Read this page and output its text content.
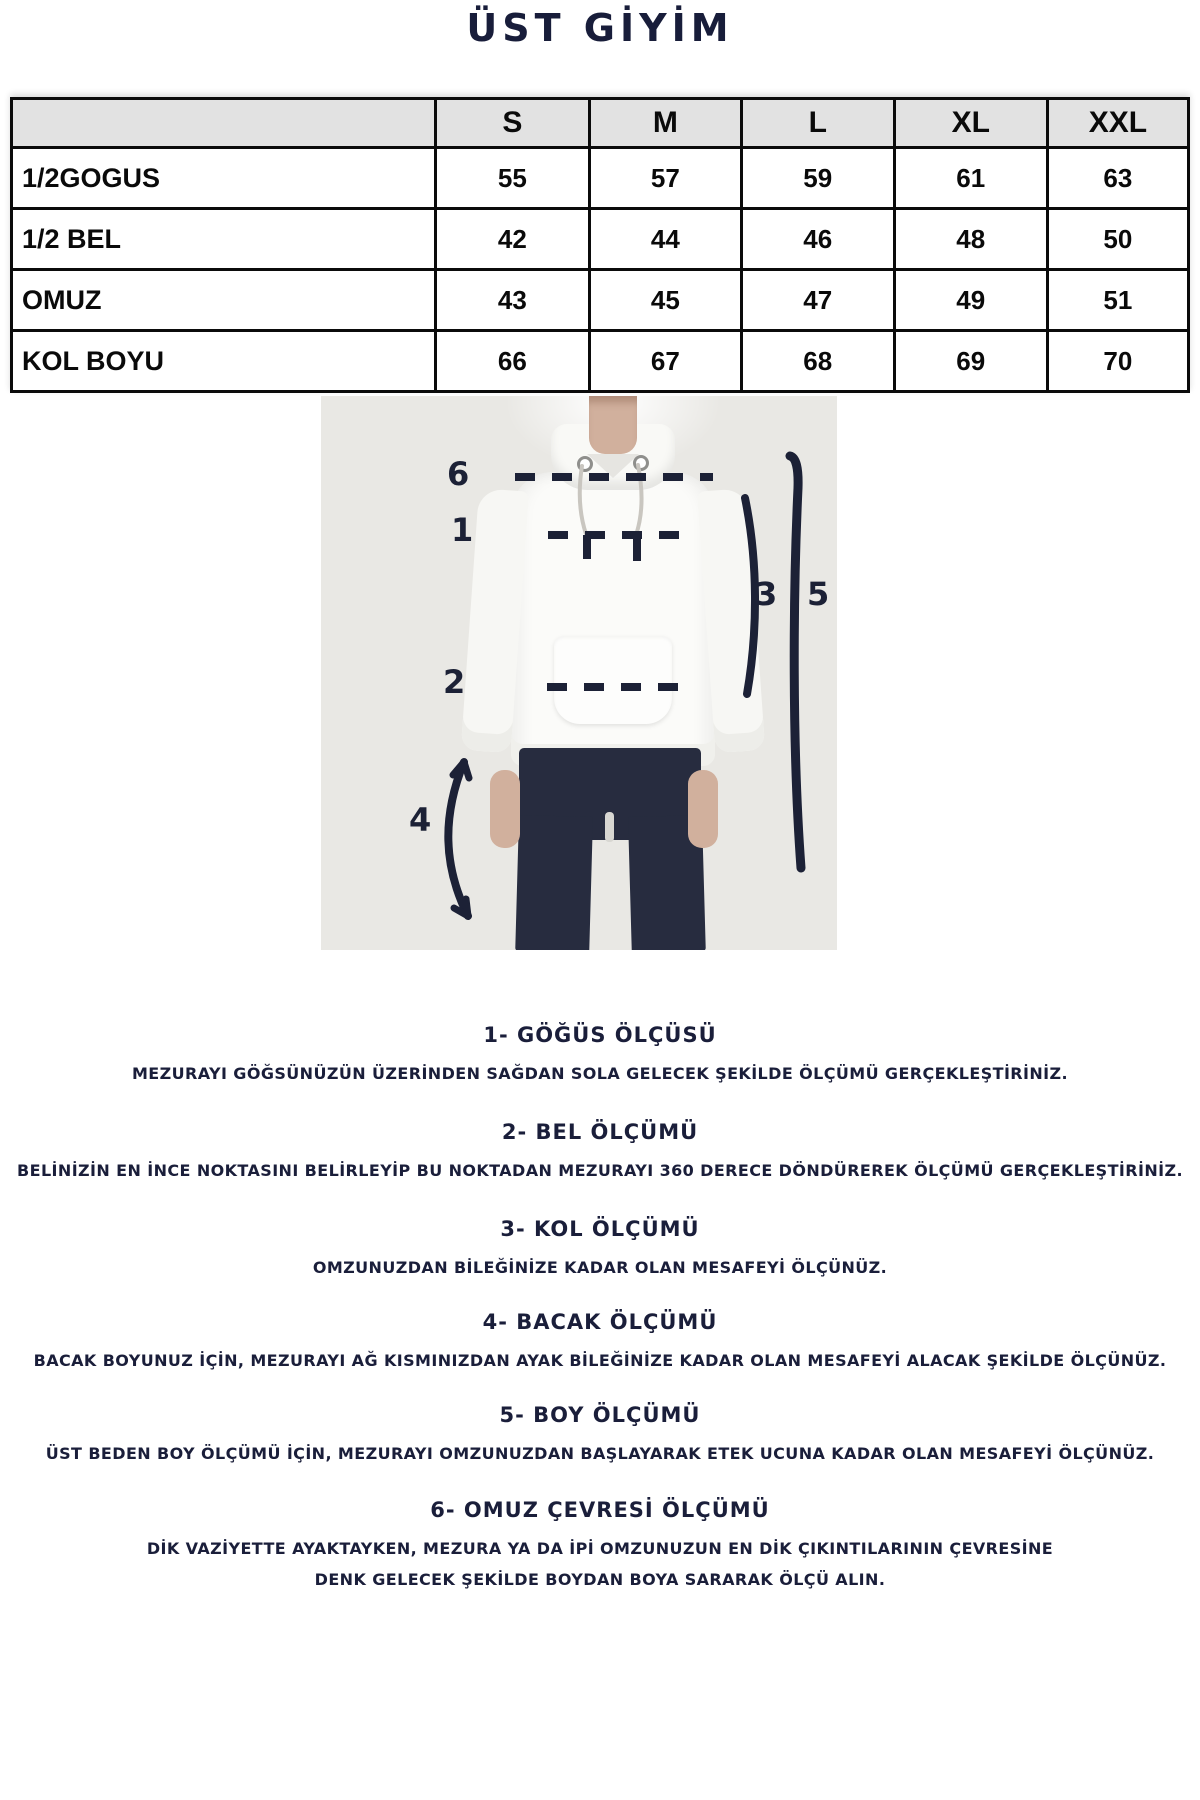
ÜST GİYİM
	S	M	L	XL	XXL
1/2GOGUS	55	57	59	61	63
1/2 BEL	42	44	46	48	50
OMUZ	43	45	47	49	51
KOL BOYU	66	67	68	69	70
6
1
2
3 5
4
1- GÖĞÜS ÖLÇÜSÜ

MEZURAYI GÖĞSÜNÜZÜN ÜZERİNDEN SAĞDAN SOLA GELECEK ŞEKİLDE ÖLÇÜMÜ GERÇEKLEŞTİRİNİZ.

2- BEL ÖLÇÜMÜ

BELİNİZİN EN İNCE NOKTASINI BELİRLEYİP BU NOKTADAN MEZURAYI 360 DERECE DÖNDÜREREK ÖLÇÜMÜ GERÇEKLEŞTİRİNİZ.

3- KOL ÖLÇÜMÜ

OMZUNUZDAN BİLEĞİNİZE KADAR OLAN MESAFEYİ ÖLÇÜNÜZ.

4- BACAK ÖLÇÜMÜ

BACAK BOYUNUZ İÇİN, MEZURAYI AĞ KISMINIZDAN AYAK BİLEĞİNİZE KADAR OLAN MESAFEYİ ALACAK ŞEKİLDE ÖLÇÜNÜZ.

5- BOY ÖLÇÜMÜ

ÜST BEDEN BOY ÖLÇÜMÜ İÇİN, MEZURAYI OMZUNUZDAN BAŞLAYARAK ETEK UCUNA KADAR OLAN MESAFEYİ ÖLÇÜNÜZ.

6- OMUZ ÇEVRESİ ÖLÇÜMÜ

DİK VAZİYETTE AYAKTAYKEN, MEZURA YA DA İPİ OMZUNUZUN EN DİK ÇIKINTILARININ ÇEVRESİNE

DENK GELECEK ŞEKİLDE BOYDAN BOYA SARARAK ÖLÇÜ ALIN.
